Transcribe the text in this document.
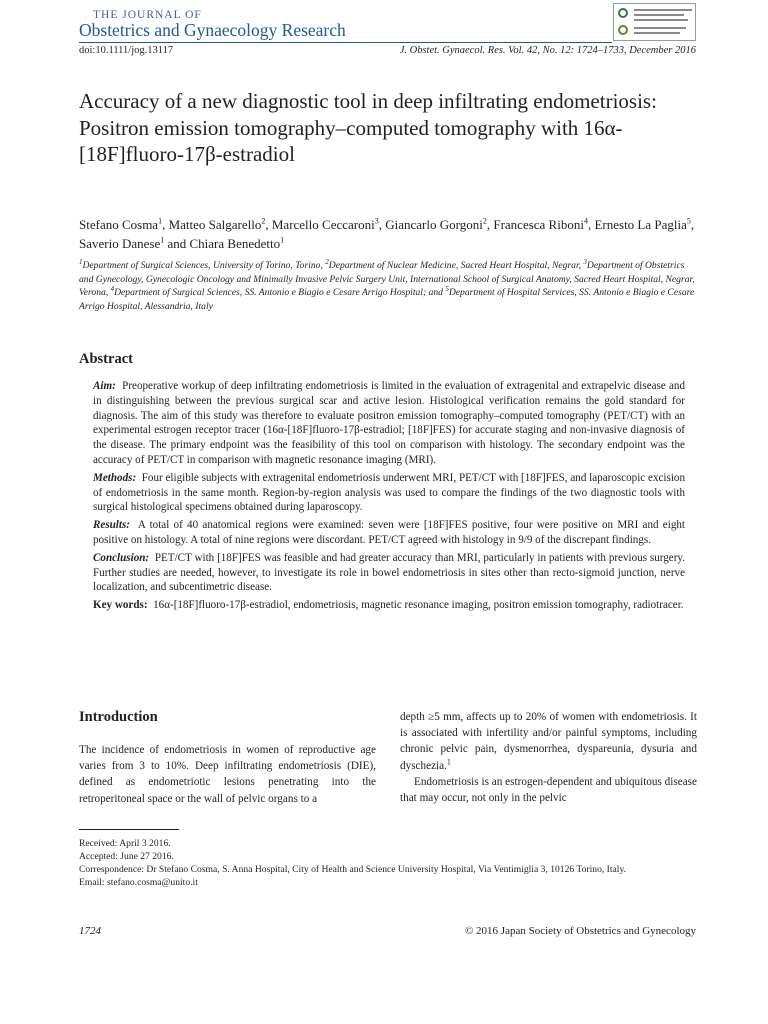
THE JOURNAL OF
Obstetrics and Gynaecology Research
doi:10.1111/jog.13117	J. Obstet. Gynaecol. Res. Vol. 42, No. 12: 1724–1733, December 2016
Accuracy of a new diagnostic tool in deep infiltrating endometriosis: Positron emission tomography–computed tomography with 16α-[18F]fluoro-17β-estradiol
Stefano Cosma$^1$, Matteo Salgarello$^2$, Marcello Ceccaroni$^3$, Giancarlo Gorgoni$^2$, Francesca Riboni$^4$, Ernesto La Paglia$^5$, Saverio Danese$^1$ and Chiara Benedetto$^1$
$^1$Department of Surgical Sciences, University of Torino, Torino, $^2$Department of Nuclear Medicine, Sacred Heart Hospital, Negrar, $^3$Department of Obstetrics and Gynecology, Gynecologic Oncology and Minimally Invasive Pelvic Surgery Unit, International School of Surgical Anatomy, Sacred Heart Hospital, Negrar, Verona, $^4$Department of Surgical Sciences, SS. Antonio e Biagio e Cesare Arrigo Hospital; and $^5$Department of Hospital Services, SS. Antonio e Biagio e Cesare Arrigo Hospital, Alessandria, Italy
Abstract

Aim: Preoperative workup of deep infiltrating endometriosis is limited in the evaluation of extragenital and extrapelvic disease and in distinguishing between the previous surgical scar and active lesion. Histological verification remains the gold standard for diagnosis. The aim of this study was therefore to evaluate positron emission tomography–computed tomography (PET/CT) with an experimental estrogen receptor tracer (16α-[18F]fluoro-17β-estradiol; [18F]FES) for accurate staging and non-invasive diagnosis of the disease. The primary endpoint was the feasibility of this tool on comparison with histology. The secondary endpoint was the accuracy of PET/CT in comparison with magnetic resonance imaging (MRI).

Methods: Four eligible subjects with extragenital endometriosis underwent MRI, PET/CT with [18F]FES, and laparoscopic excision of endometriosis in the same month. Region-by-region analysis was used to compare the findings of the two diagnostic tools with surgical histological specimens obtained during laparoscopy.

Results: A total of 40 anatomical regions were examined: seven were [18F]FES positive, four were positive on MRI and eight positive on histology. A total of nine regions were discordant. PET/CT agreed with histology in 9/9 of the discrepant findings.

Conclusion: PET/CT with [18F]FES was feasible and had greater accuracy than MRI, particularly in patients with previous surgery. Further studies are needed, however, to investigate its role in bowel endometriosis in sites other than recto-sigmoid junction, nerve localization, and subcentimetric disease.

Key words: 16α-[18F]fluoro-17β-estradiol, endometriosis, magnetic resonance imaging, positron emission tomography, radiotracer.

Introduction
The incidence of endometriosis in women of reproductive age varies from 3 to 10%. Deep infiltrating endometriosis (DIE), defined as endometriotic lesions penetrating into the retroperitoneal space or the wall of pelvic organs to a

depth ≥5 mm, affects up to 20% of women with endometriosis. It is associated with infertility and/or painful symptoms, including chronic pelvic pain, dysmenorrhea, dyspareunia, dysuria and dyschezia.$^1$

Endometriosis is an estrogen-dependent and ubiquitous disease that may occur, not only in the pelvic

Received: April 3 2016.
Accepted: June 27 2016.
Correspondence: Dr Stefano Cosma, S. Anna Hospital, City of Health and Science University Hospital, Via Ventimiglia 3, 10126 Torino, Italy.
Email: stefano.cosma@unito.it
1724	© 2016 Japan Society of Obstetrics and Gynecology
